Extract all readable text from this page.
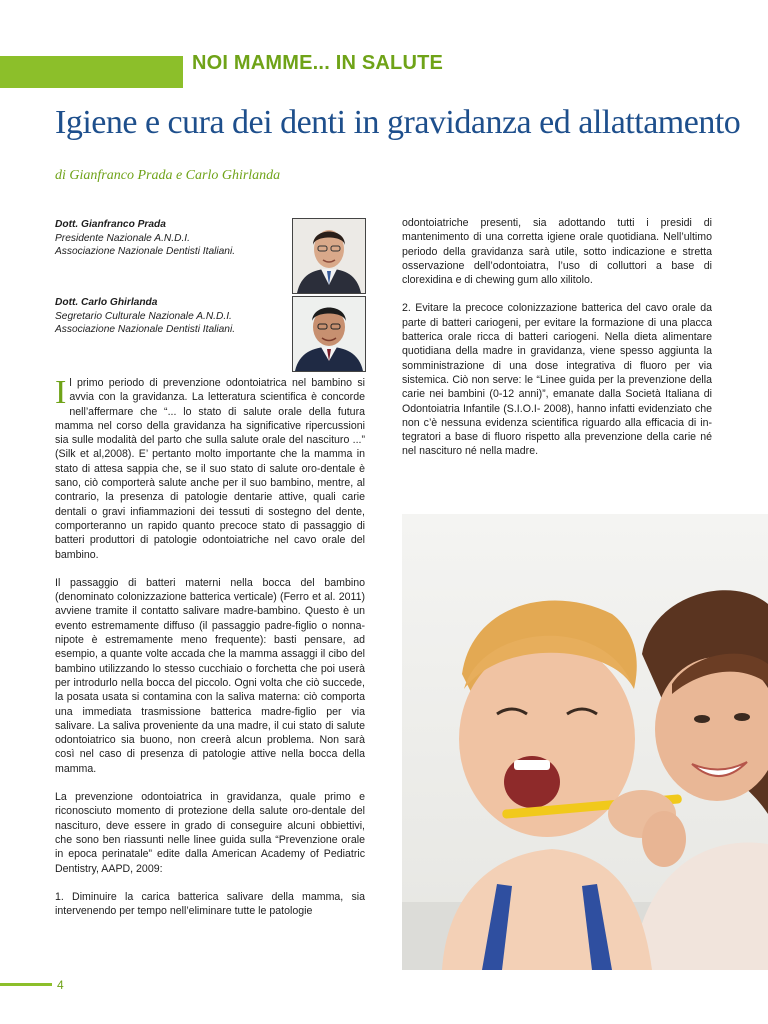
NOI MAMME... IN SALUTE
Igiene e cura dei denti in gravidanza ed allattamento
di Gianfranco Prada e Carlo Ghirlanda
Dott. Gianfranco Prada
Presidente Nazionale A.N.D.I.
Associazione Nazionale Dentisti Italiani.
Dott. Carlo Ghirlanda
Segretario Culturale Nazionale A.N.D.I.
Associazione Nazionale Dentisti Italiani.

Il primo periodo di prevenzione odontoiatrica nel bambino si avvia con la gravidanza. La letteratura scientifica è concorde nell’affermare che “... lo stato di salute orale della futura mamma nel corso della gravidanza ha significative ripercussioni sia sulle modalità del parto che sulla salute orale del nascituro ...” (Silk et al,2008). E’ pertanto molto importante che la mamma in stato di attesa sappia che, se il suo stato di salute oro-dentale è sano, ciò comporterà salute anche per il suo bambino, mentre, al contrario, la presenza di patologie dentarie attive, quali carie dentali o gravi infiammazioni dei tessuti di sostegno del dente, comporteranno un rapido quanto precoce stato di passaggio di batteri produttori di patologie odontoiatriche nel cavo orale del bambino.

Il passaggio di batteri materni nella bocca del bambino (denominato colonizzazione batterica verticale) (Ferro et al. 2011) avviene tramite il contatto salivare madre-bambino. Questo è un evento estremamente diffuso (il passaggio padre-figlio o nonna-nipote è estremamente meno frequente): basti pensare, ad esempio, a quante volte accada che la mamma assaggi il cibo del bambino utilizzando lo stesso cucchiaio o forchetta che poi userà per introdurlo nella bocca del piccolo. Ogni volta che ciò succede, la posata usata si contamina con la saliva materna: ciò comporta una immediata trasmissione batterica madre-figlio per via salivare. La saliva proveniente da una madre, il cui stato di salute odontoiatrico sia buono, non creerà alcun problema. Non sarà così nel caso di presenza di patologie attive nella bocca della mamma.

La prevenzione odontoiatrica in gravidanza, quale primo e riconosciuto momento di protezione della salute oro-dentale del nascituro, deve essere in grado di conseguire alcuni obbiettivi, che sono ben riassunti nelle linee guida sulla “Prevenzione orale in epoca perinatale” edite dalla American Academy of Pediatric Dentistry, AAPD, 2009:

1. Diminuire la carica batterica salivare della mamma, sia intervenendo per tempo nell’eliminare tutte le patologie

odontoiatriche presenti, sia adottando tutti i presidi di mantenimento di una corretta igiene orale quotidiana. Nell’ultimo periodo della gravidanza sarà utile, sotto indicazione e stretta osservazione dell’odontoiatra, l’uso di colluttori a base di clorexidina e di chewing gum allo xilitolo.

2. Evitare la precoce colonizzazione batterica del cavo orale da parte di batteri cariogeni, per evitare la formazione di una placca batterica orale ricca di batteri cariogeni. Nella dieta alimentare quotidiana della madre in gravidanza, viene spesso aggiunta la somministrazione di una dose integrativa di fluoro per via sistemica. Ciò non serve: le “Linee guida per la prevenzione della carie nei bambini (0-12 anni)”, emanate dalla Società Italiana di Odontoiatria Infantile (S.I.O.I- 2008), hanno infatti evidenziato che non c’è nessuna evidenza scientifica riguardo alla efficacia di in-tegratori a base di fluoro rispetto alla prevenzione della carie né nel nascituro né nella madre.

4
